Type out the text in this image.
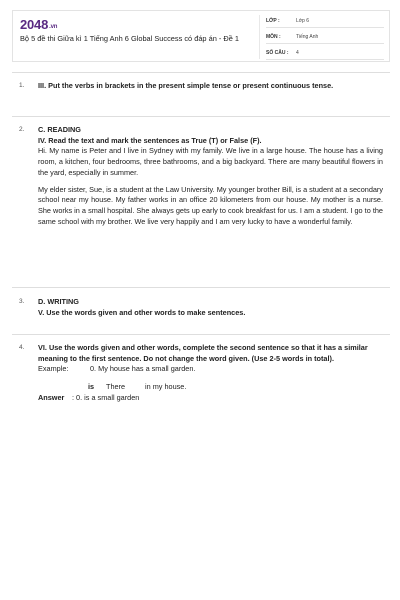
2048.vn
Bộ 5 đề thi Giữa kì 1 Tiếng Anh 6 Global Success có đáp án - Đề 1
LỚP :	Lớp 6
MÔN :	Tiếng Anh
SỐ CÂU : 4
1. III. Put the verbs in brackets in the present simple tense or present continuous tense.
2. C. READING
IV. Read the text and mark the sentences as True (T) or False (F).
Hi. My name is Peter and I live in Sydney with my family. We live in a large house. The house has a living room, a kitchen, four bedrooms, three bathrooms, and a big backyard. There are many beautiful flowers in the yard, especially in summer.
My elder sister, Sue, is a student at the Law University. My younger brother Bill, is a student at a secondary school near my house. My father works in an office 20 kilometers from our house. My mother is a nurse. She works in a small hospital. She always gets up early to cook breakfast for us. I am a student. I go to the same school with my brother. We live very happily and I am very lucky to have a wonderful family.
3. D. WRITING
V. Use the words given and other words to make sentences.
4. VI. Use the words given and other words, complete the second sentence so that it has a similar meaning to the first sentence. Do not change the word given. (Use 2-5 words in total).
Example:	0. My house has a small garden.
is There	in my house.
Answer : 0. is a small garden
